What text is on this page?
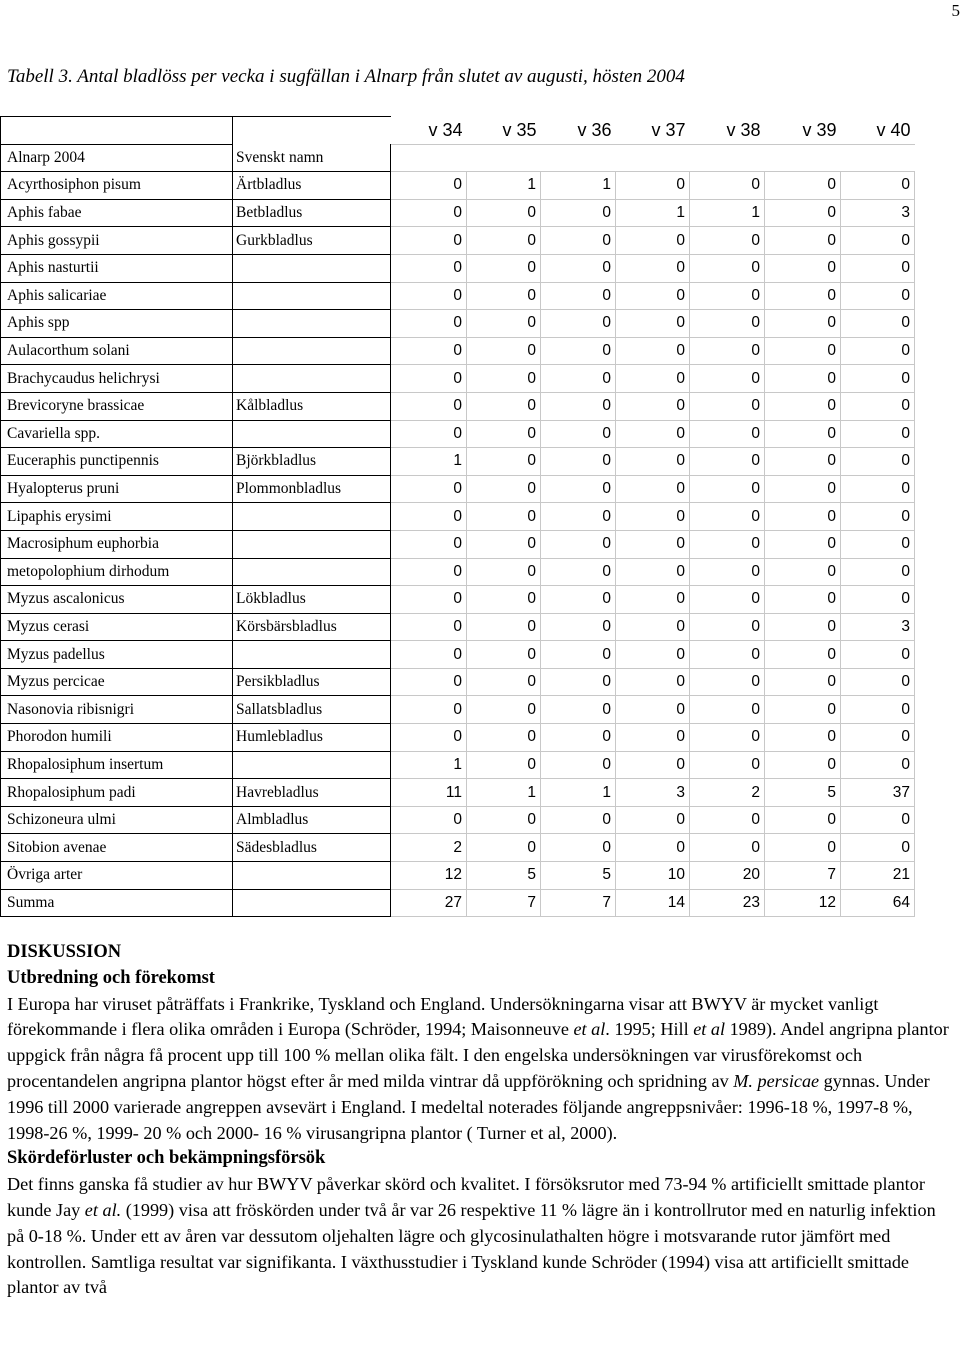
5
Tabell 3. Antal bladlöss per vecka i sugfällan i Alnarp från slutet av augusti, hösten 2004
		v 34	v 35	v 36	v 37	v 38	v 39	v 40
Alnarp 2004	Svenskt namn							
Acyrthosiphon pisum	Ärtbladlus	0	1	1	0	0	0	0
Aphis fabae	Betbladlus	0	0	0	1	1	0	3
Aphis gossypii	Gurkbladlus	0	0	0	0	0	0	0
Aphis nasturtii		0	0	0	0	0	0	0
Aphis salicariae		0	0	0	0	0	0	0
Aphis spp		0	0	0	0	0	0	0
Aulacorthum solani		0	0	0	0	0	0	0
Brachycaudus helichrysi		0	0	0	0	0	0	0
Brevicoryne brassicae	Kålbladlus	0	0	0	0	0	0	0
Cavariella spp.		0	0	0	0	0	0	0
Euceraphis punctipennis	Björkbladlus	1	0	0	0	0	0	0
Hyalopterus pruni	Plommonbladlus	0	0	0	0	0	0	0
Lipaphis erysimi		0	0	0	0	0	0	0
Macrosiphum euphorbia		0	0	0	0	0	0	0
metopolophium dirhodum		0	0	0	0	0	0	0
Myzus ascalonicus	Lökbladlus	0	0	0	0	0	0	0
Myzus cerasi	Körsbärsbladlus	0	0	0	0	0	0	3
Myzus padellus		0	0	0	0	0	0	0
Myzus percicae	Persikbladlus	0	0	0	0	0	0	0
Nasonovia ribisnigri	Sallatsbladlus	0	0	0	0	0	0	0
Phorodon humili	Humlebladlus	0	0	0	0	0	0	0
Rhopalosiphum insertum		1	0	0	0	0	0	0
Rhopalosiphum padi	Havrebladlus	11	1	1	3	2	5	37
Schizoneura ulmi	Almbladlus	0	0	0	0	0	0	0
Sitobion avenae	Sädesbladlus	2	0	0	0	0	0	0
Övriga arter		12	5	5	10	20	7	21
Summa		27	7	7	14	23	12	64
DISKUSSION
Utbredning och förekomst

I Europa har viruset påträffats i Frankrike, Tyskland och England. Undersökningarna visar att BWYV är mycket vanligt förekommande i flera olika områden i Europa (Schröder, 1994; Maisonneuve et al. 1995; Hill et al 1989). Andel angripna plantor uppgick från några få procent upp till 100 % mellan olika fält. I den engelska undersökningen var virusförekomst och procentandelen angripna plantor högst efter år med milda vintrar då uppförökning och spridning av M. persicae gynnas. Under 1996 till 2000 varierade angreppen avsevärt i England. I medeltal noterades följande angreppsnivåer: 1996-18 %, 1997-8 %, 1998-26 %, 1999- 20 % och 2000- 16 % virusangripna plantor ( Turner et al, 2000).

Skördeförluster och bekämpningsförsök

Det finns ganska få studier av hur BWYV påverkar skörd och kvalitet. I försöksrutor med 73-94 % artificiellt smittade plantor kunde Jay et al. (1999) visa att fröskörden under två år var 26 respektive 11 % lägre än i kontrollrutor med en naturlig infektion på 0-18 %. Under ett av åren var dessutom oljehalten lägre och glycosinulathalten högre i motsvarande rutor jämfört med kontrollen. Samtliga resultat var signifikanta. I växthusstudier i Tyskland kunde Schröder (1994) visa att artificiellt smittade plantor av två
